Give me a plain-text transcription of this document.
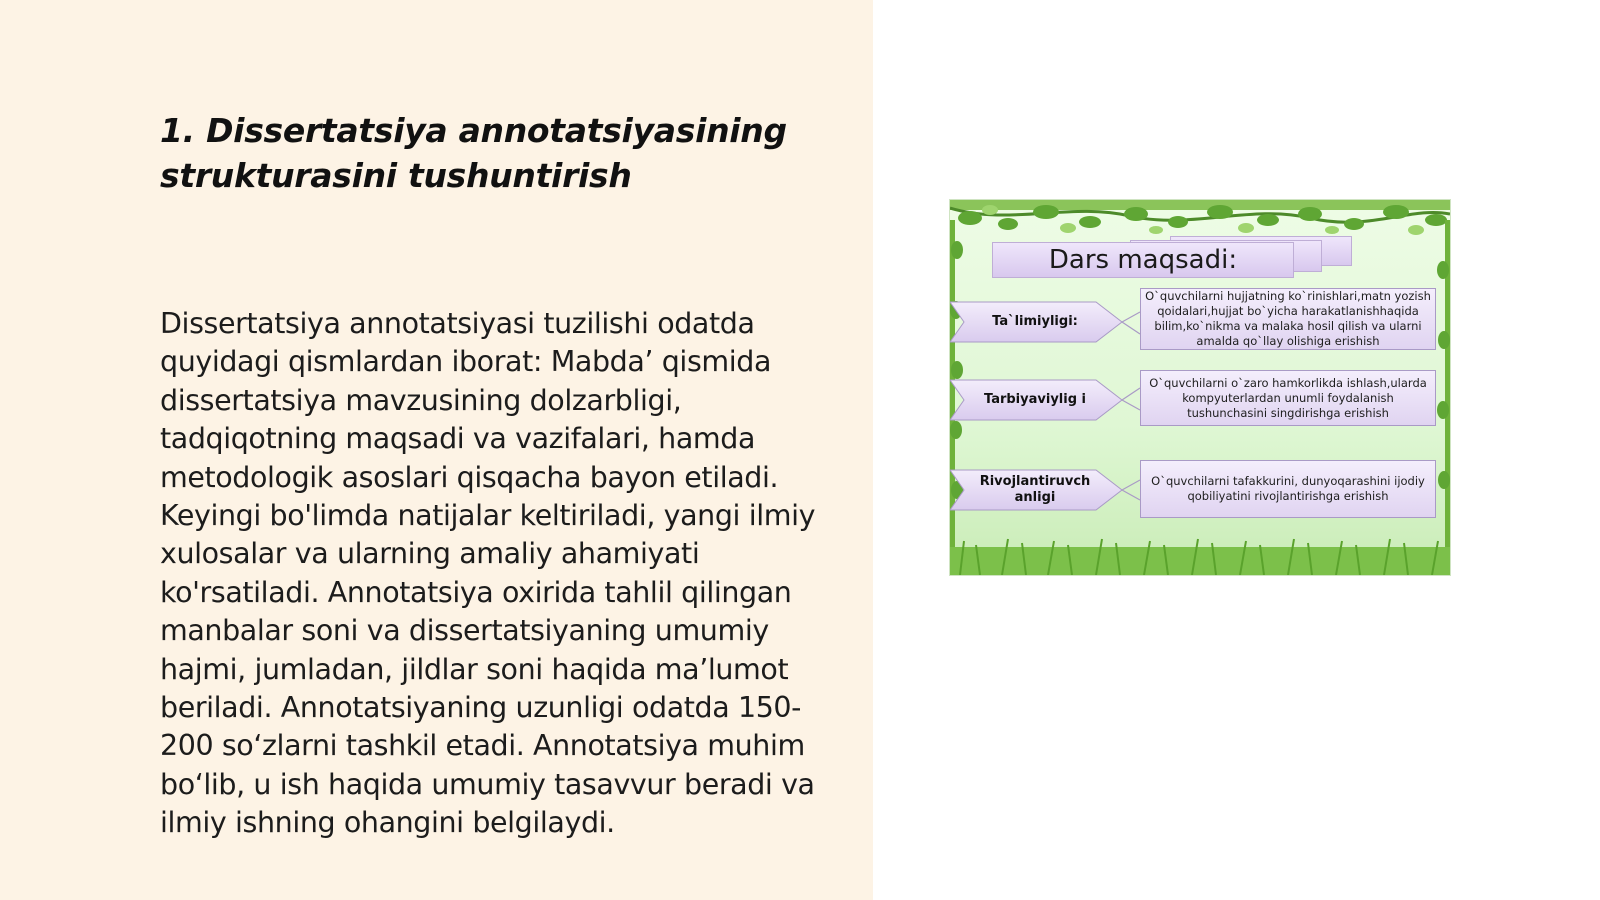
1. Dissertatsiya annotatsiyasining strukturasini tushuntirish

Dissertatsiya annotatsiyasi tuzilishi odatda quyidagi qismlardan iborat: Mabda’ qismida dissertatsiya mavzusining dolzarbligi, tadqiqotning maqsadi va vazifalari, hamda metodologik asoslari qisqacha bayon etiladi. Keyingi bo'limda natijalar keltiriladi, yangi ilmiy xulosalar va ularning amaliy ahamiyati ko'rsatiladi. Annotatsiya oxirida tahlil qilingan manbalar soni va dissertatsiyaning umumiy hajmi, jumladan, jildlar soni haqida ma’lumot beriladi. Annotatsiyaning uzunligi odatda 150-200 so‘zlarni tashkil etadi. Annotatsiya muhim bo‘lib, u ish haqida umumiy tasavvur beradi va ilmiy ishning ohangini belgilaydi.

Dars maqsadi:
Ta`limiyligi:
O`quvchilarni hujjatning ko`rinishlari,matn yozish qoidalari,hujjat bo`yicha harakatlanishhaqida bilim,ko`nikma va malaka hosil qilish va ularni amalda qo`llay olishiga erishish
Tarbiyaviylig i
O`quvchilarni o`zaro hamkorlikda ishlash,ularda kompyuterlardan unumli foydalanish tushunchasini singdirishga erishish
Rivojlantiruvch anligi
O`quvchilarni tafakkurini, dunyoqarashini ijodiy qobiliyatini rivojlantirishga erishish
